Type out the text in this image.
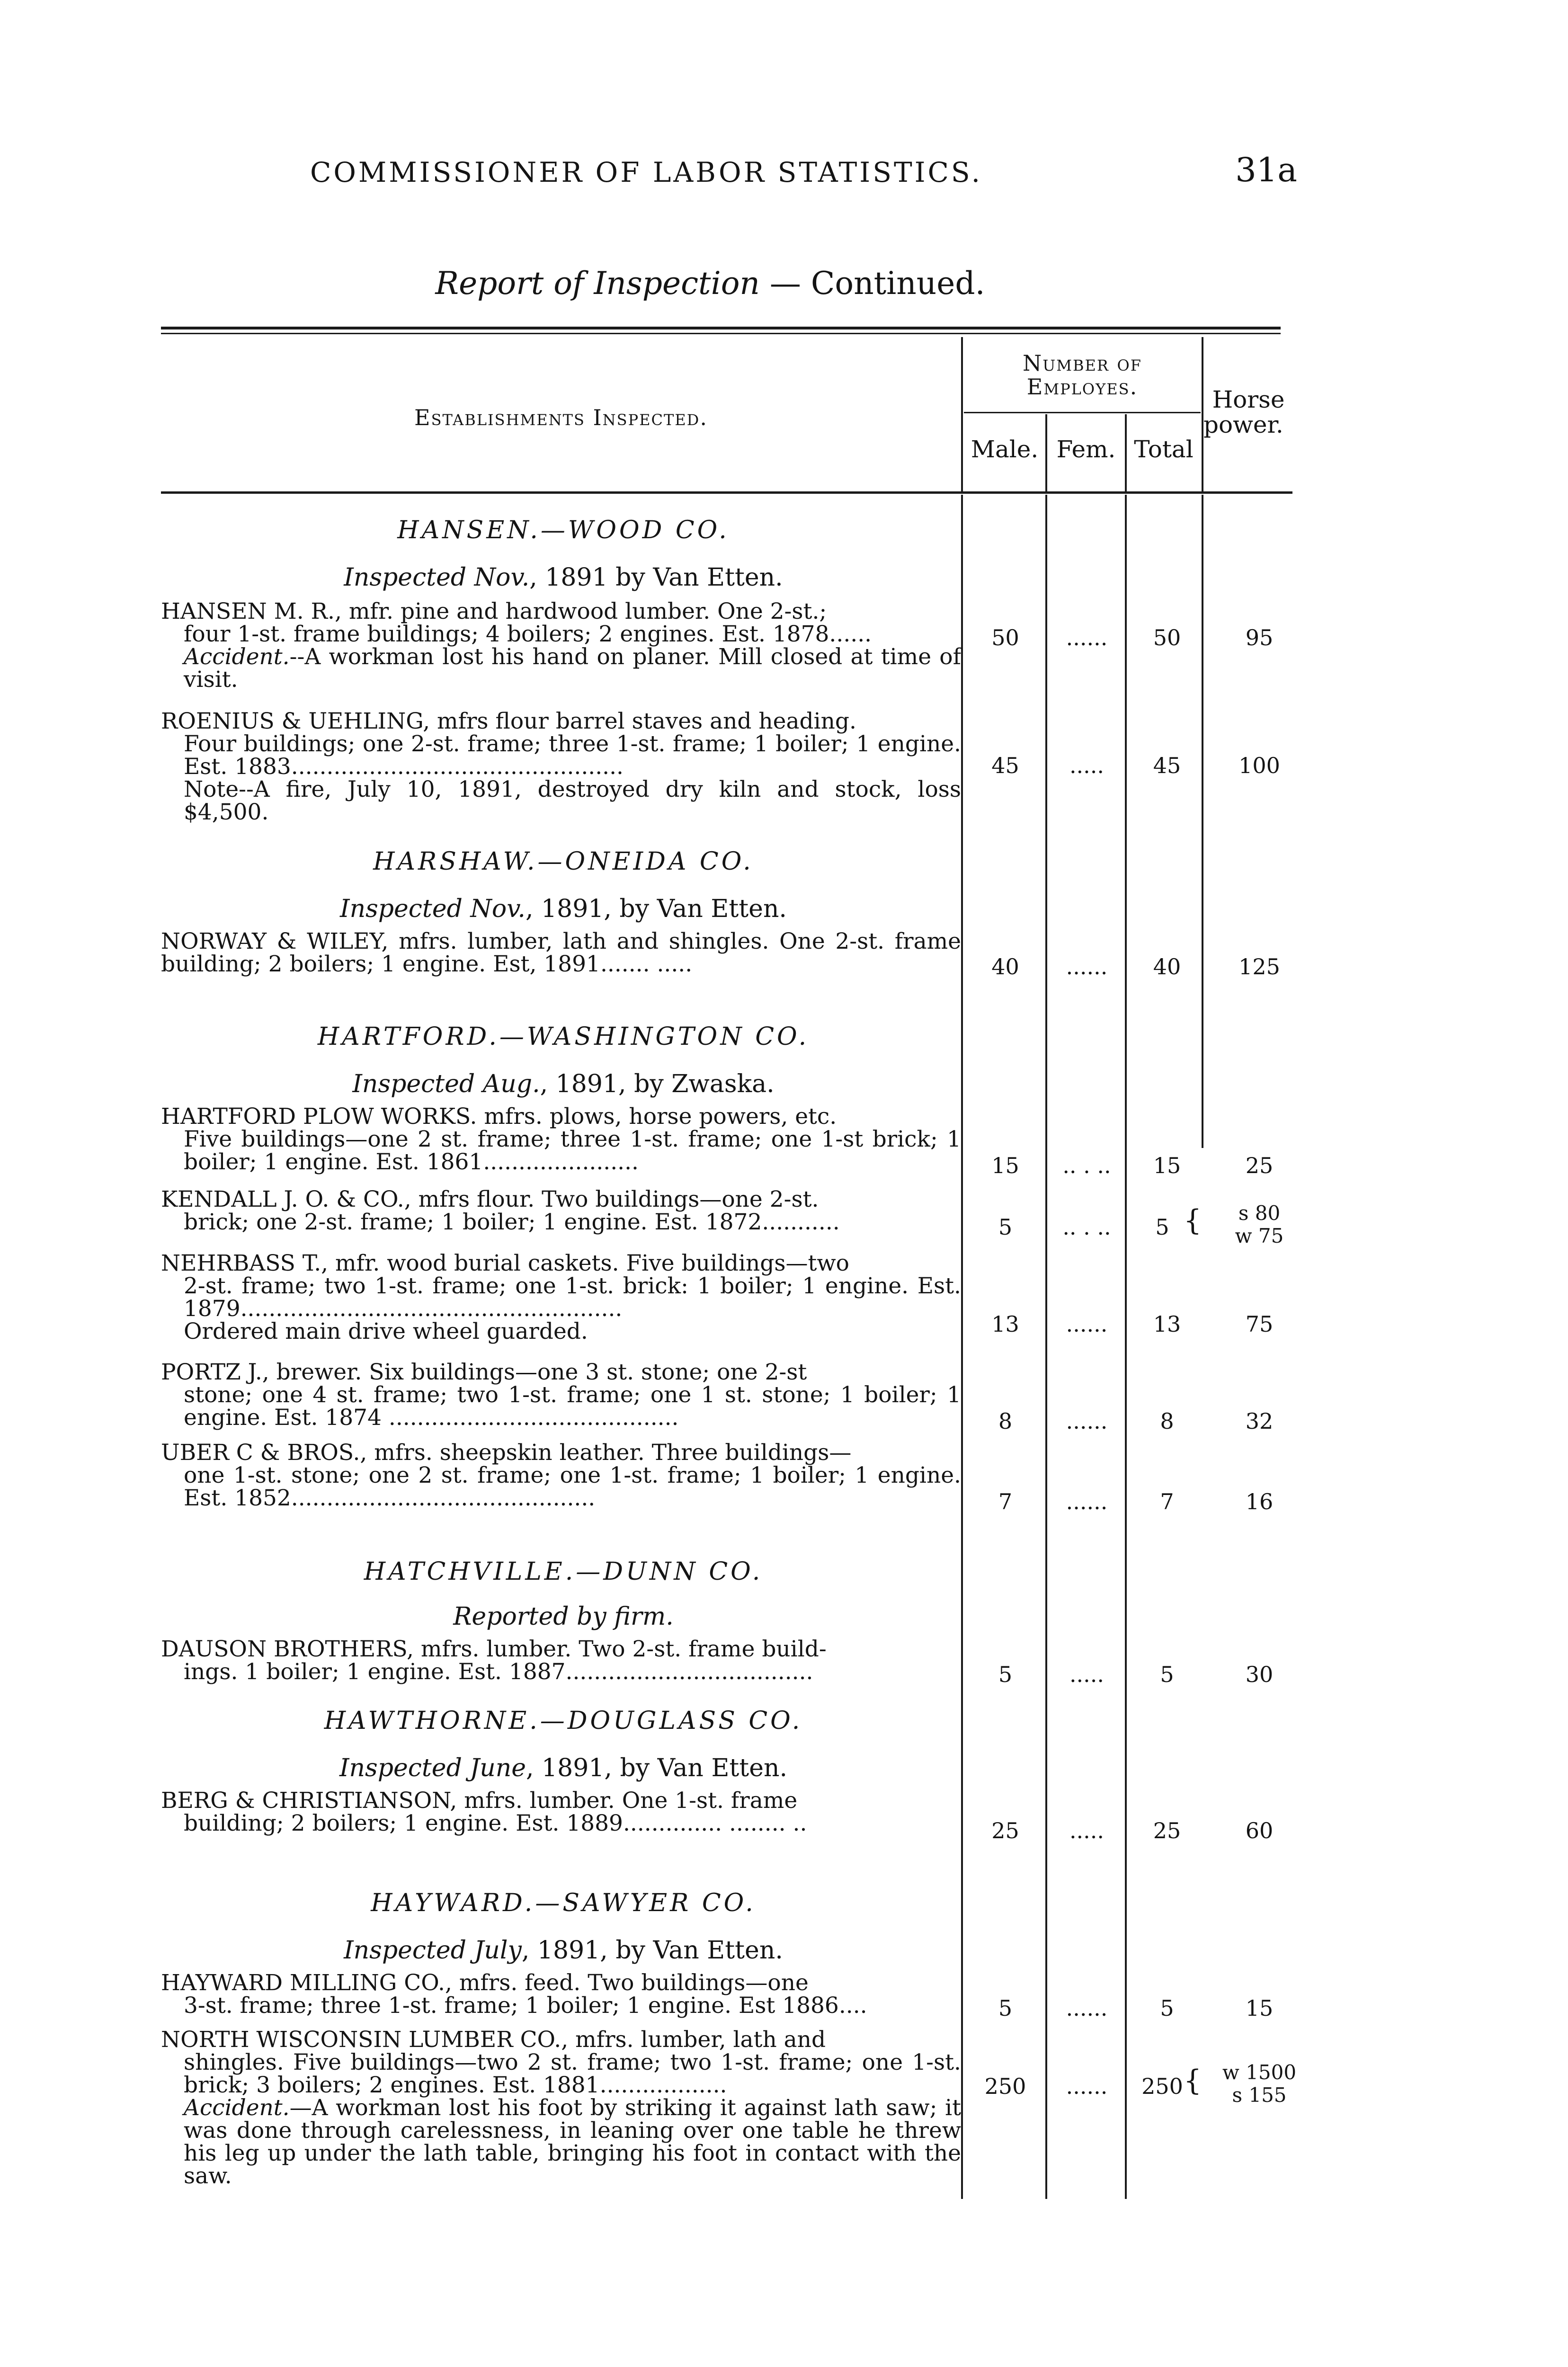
COMMISSIONER OF LABOR STATISTICS.	31a
Report of Inspection — Continued.
Establishments Inspected.
Number of
Employes.
Male. Fem. Total
Horse
power.
HANSEN.—WOOD CO.
Inspected Nov., 1891 by Van Etten.

HANSEN M. R., mfr. pine and hardwood lumber. One 2-st.;

four 1-st. frame buildings; 4 boilers; 2 engines. Est. 1878......

Accident.--A workman lost his hand on planer. Mill closed at time of visit.

50	......	50	95

ROENIUS & UEHLING, mfrs flour barrel staves and heading.

Four buildings; one 2-st. frame; three 1-st. frame; 1 boiler; 1 engine. Est. 1883...............................................

Note--A fire, July 10, 1891, destroyed dry kiln and stock, loss $4,500.

45	.....	45	100
HARSHAW.—ONEIDA CO.
Inspected Nov., 1891, by Van Etten.

NORWAY & WILEY, mfrs. lumber, lath and shingles. One 2-st. frame building; 2 boilers; 1 engine. Est, 1891....... .....	40	......	40	125
HARTFORD.—WASHINGTON CO.
Inspected Aug., 1891, by Zwaska.

HARTFORD PLOW WORKS. mfrs. plows, horse powers, etc.

Five buildings—one 2 st. frame; three 1-st. frame; one 1-st brick; 1 boiler; 1 engine. Est. 1861......................	15	.. . ..	15	25

KENDALL J. O. & CO., mfrs flour. Two buildings—one 2-st.

brick; one 2-st. frame; 1 boiler; 1 engine. Est. 1872...........	5	.. . ..	5 {	s 80
w 75

NEHRBASS T., mfr. wood burial caskets. Five buildings—two

2-st. frame; two 1-st. frame; one 1-st. brick: 1 boiler; 1 engine. Est. 1879......................................................

Ordered main drive wheel guarded.	13	......	13	75

PORTZ J., brewer. Six buildings—one 3 st. stone; one 2-st

stone; one 4 st. frame; two 1-st. frame; one 1 st. stone; 1 boiler; 1 engine. Est. 1874 .........................................	8	......	8	32

UBER C & BROS., mfrs. sheepskin leather. Three buildings—

one 1-st. stone; one 2 st. frame; one 1-st. frame; 1 boiler; 1 engine. Est. 1852...........................................	7	......	7	16
HATCHVILLE.—DUNN CO.
Reported by firm.

DAUSON BROTHERS, mfrs. lumber. Two 2-st. frame build-

ings. 1 boiler; 1 engine. Est. 1887...................................	5	.....	5	30
HAWTHORNE.—DOUGLASS CO.
Inspected June, 1891, by Van Etten.

BERG & CHRISTIANSON, mfrs. lumber. One 1-st. frame

building; 2 boilers; 1 engine. Est. 1889.............. ........ ..	25	.....	25	60
HAYWARD.—SAWYER CO.
Inspected July, 1891, by Van Etten.

HAYWARD MILLING CO., mfrs. feed. Two buildings—one

3-st. frame; three 1-st. frame; 1 boiler; 1 engine. Est 1886....	5	......	5	15

NORTH WISCONSIN LUMBER CO., mfrs. lumber, lath and

shingles. Five buildings—two 2 st. frame; two 1-st. frame; one 1-st. brick; 3 boilers; 2 engines. Est. 1881..................

Accident.—A workman lost his foot by striking it against lath saw; it was done through carelessness, in leaning over one table he threw his leg up under the lath table, bringing his foot in contact with the saw.

250	......	250 {	w 1500
s 155
